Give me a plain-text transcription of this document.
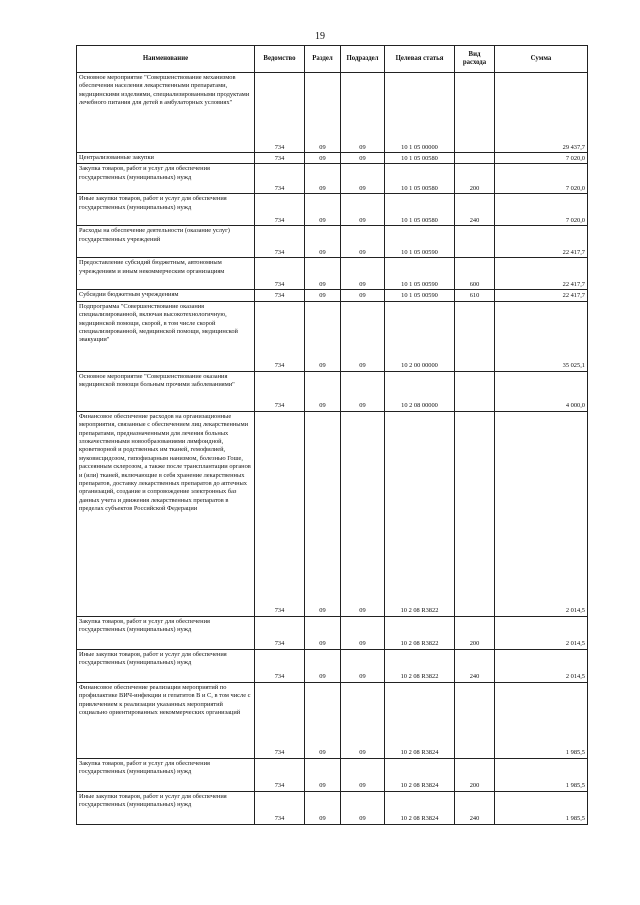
19
Наименование	Ведомство	Раздел	Подраздел	Целевая статья	Вид расхода	Сумма
Основное мероприятие "Совершенствование механизмов обеспечения населения лекарственными препаратами, медицинскими изделиями, специализированными продуктами лечебного питания для детей в амбулаторных условиях"	734	09	09	10 1 05 00000		29 437,7
Централизованные закупки	734	09	09	10 1 05 00580		7 020,0
Закупка товаров, работ и услуг для обеспечения государственных (муниципальных) нужд	734	09	09	10 1 05 00580	200	7 020,0
Иные закупки товаров, работ и услуг для обеспечения государственных (муниципальных) нужд	734	09	09	10 1 05 00580	240	7 020,0
Расходы на обеспечение деятельности (оказание услуг) государственных учреждений	734	09	09	10 1 05 00590		22 417,7
Предоставление субсидий бюджетным, автономным учреждениям и иным некоммерческим организациям	734	09	09	10 1 05 00590	600	22 417,7
Субсидии бюджетным учреждениям	734	09	09	10 1 05 00590	610	22 417,7
Подпрограмма "Совершенствование оказания специализированной, включая высокотехнологичную, медицинской помощи, скорой, в том числе скорой специализированной, медицинской помощи, медицинской эвакуации"	734	09	09	10 2 00 00000		35 025,1
Основное мероприятие "Совершенствование оказания медицинской помощи больным прочими заболеваниями"	734	09	09	10 2 08 00000		4 000,0
Финансовое обеспечение расходов на организационные мероприятия, связанные с обеспечением лиц лекарственными препаратами, предназначенными для лечения больных злокачественными новообразованиями лимфоидной, кроветворной и родственных им тканей, гемофилией, муковисцидозом, гипофизарным нанизмом, болезнью Гоше, рассеянным склерозом, а также после трансплантации органов и (или) тканей, включающие в себя хранение лекарственных препаратов, доставку лекарственных препаратов до аптечных организаций, создание и сопровождение электронных баз данных учета и движения лекарственных препаратов в пределах субъектов Российской Федерации	734	09	09	10 2 08 R3822		2 014,5
Закупка товаров, работ и услуг для обеспечения государственных (муниципальных) нужд	734	09	09	10 2 08 R3822	200	2 014,5
Иные закупки товаров, работ и услуг для обеспечения государственных (муниципальных) нужд	734	09	09	10 2 08 R3822	240	2 014,5
Финансовое обеспечение реализации мероприятий по профилактике ВИЧ-инфекции и гепатитов В и С, в том числе с привлечением к реализации указанных мероприятий социально ориентированных некоммерческих организаций	734	09	09	10 2 08 R3824		1 985,5
Закупка товаров, работ и услуг для обеспечения государственных (муниципальных) нужд	734	09	09	10 2 08 R3824	200	1 985,5
Иные закупки товаров, работ и услуг для обеспечения государственных (муниципальных) нужд	734	09	09	10 2 08 R3824	240	1 985,5
